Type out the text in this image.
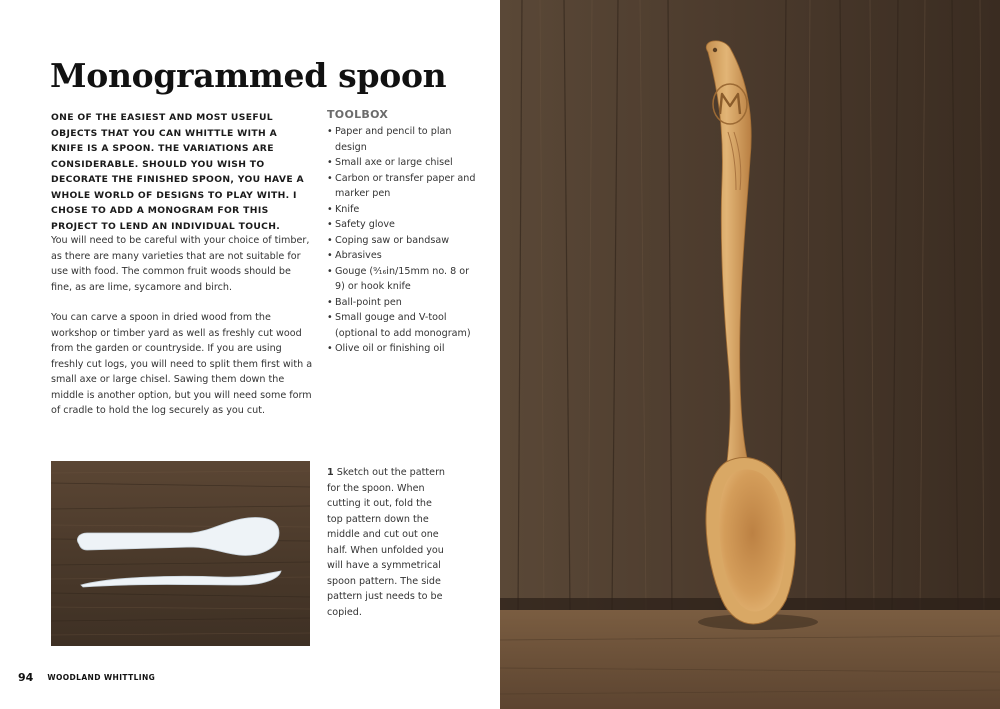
Monogrammed spoon

ONE OF THE EASIEST AND MOST USEFUL OBJECTS THAT YOU CAN WHITTLE WITH A KNIFE IS A SPOON. THE VARIATIONS ARE CONSIDERABLE. SHOULD YOU WISH TO DECORATE THE FINISHED SPOON, YOU HAVE A WHOLE WORLD OF DESIGNS TO PLAY WITH. I CHOSE TO ADD A MONOGRAM FOR THIS PROJECT TO LEND AN INDIVIDUAL TOUCH.

You will need to be careful with your choice of timber, as there are many varieties that are not suitable for use with food. The common fruit woods should be fine, as are lime, sycamore and birch.

You can carve a spoon in dried wood from the workshop or timber yard as well as freshly cut wood from the garden or countryside. If you are using freshly cut logs, you will need to split them first with a small axe or large chisel. Sawing them down the middle is another option, but you will need some form of cradle to hold the log securely as you cut.

TOOLBOX
• Paper and pencil to plan design
• Small axe or large chisel
• Carbon or transfer paper and marker pen
• Knife
• Safety glove
• Coping saw or bandsaw
• Abrasives
• Gouge (⁹⁄₁₆in/15mm no. 8 or 9) or hook knife
• Ball-point pen
• Small gouge and V-tool (optional to add monogram)
• Olive oil or finishing oil

1 Sketch out the pattern for the spoon. When cutting it out, fold the top pattern down the middle and cut out one half. When unfolded you will have a symmetrical spoon pattern. The side pattern just needs to be copied.

94 WOODLAND WHITTLING
